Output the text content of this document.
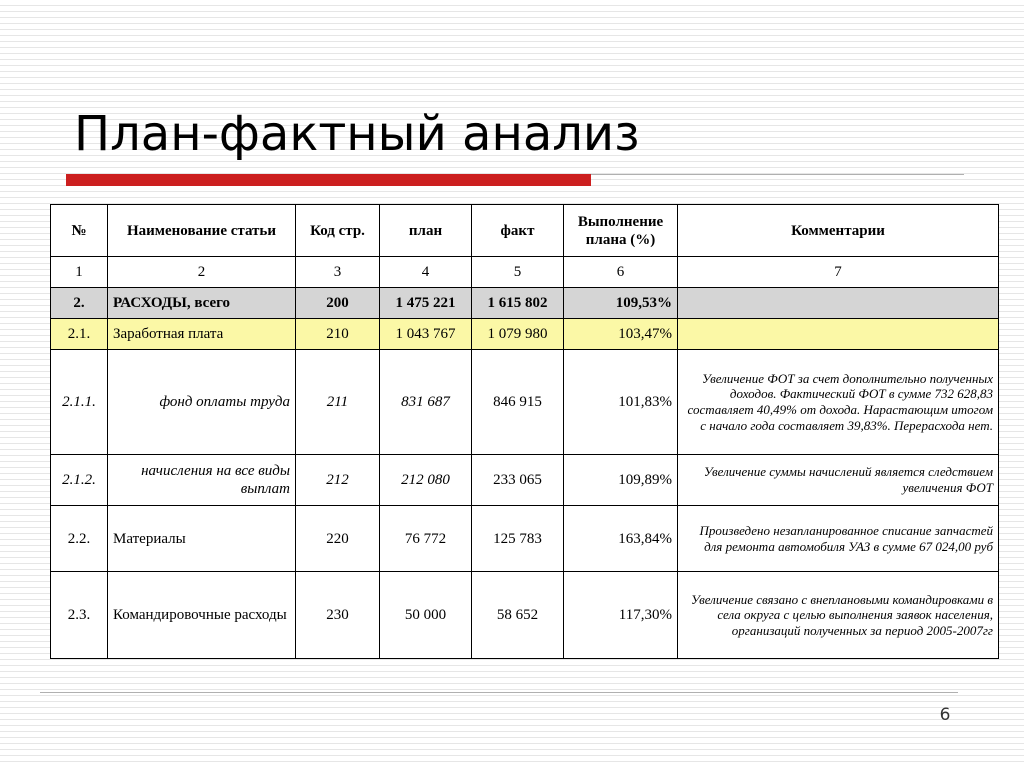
План-фактный анализ
№	Наименование статьи	Код стр.	план	факт	Выполнение плана (%)	Комментарии
1	2	3	4	5	6	7
2.	РАСХОДЫ, всего	200	1 475 221	1 615 802	109,53%	
2.1.	Заработная плата	210	1 043 767	1 079 980	103,47%	
2.1.1.	фонд оплаты труда	211	831 687	846 915	101,83%	Увеличение ФОТ за счет дополнительно полученных доходов. Фактический ФОТ в сумме 732 628,83 составляет 40,49% от дохода. Нарастающим итогом с начало года составляет 39,83%. Перерасхода нет.
2.1.2.	начисления на все виды выплат	212	212 080	233 065	109,89%	Увеличение суммы начислений является следствием увеличения ФОТ
2.2.	Материалы	220	76 772	125 783	163,84%	Произведено незапланированное списание запчастей для ремонта автомобиля УАЗ в сумме 67 024,00 руб
2.3.	Командировочные расходы	230	50 000	58 652	117,30%	Увеличение связано с внеплановыми командировками в села округа с целью выполнения заявок населения, организаций полученных за период 2005-2007гг
6
